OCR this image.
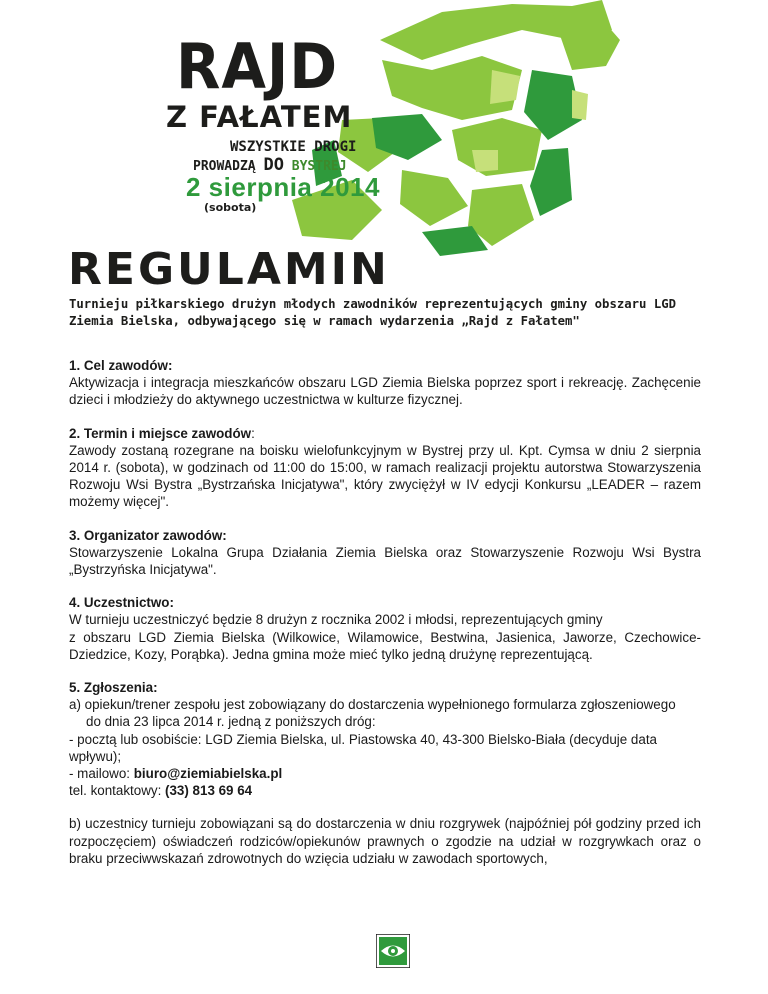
RAJD
Z FAŁATEM
WSZYSTKIE DROGI
PROWADZĄ DO BYSTREJ
2 sierpnia 2014
(sobota)
REGULAMIN
Turnieju piłkarskiego drużyn młodych zawodników reprezentujących gminy obszaru LGD Ziemia Bielska, odbywającego się w ramach wydarzenia „Rajd z Fałatem"
1. Cel zawodów:
Aktywizacja i integracja mieszkańców obszaru LGD Ziemia Bielska poprzez sport i rekreację. Zachęcenie dzieci i młodzieży do aktywnego uczestnictwa w kulturze fizycznej.
2. Termin i miejsce zawodów:
Zawody zostaną rozegrane na boisku wielofunkcyjnym w Bystrej przy ul. Kpt. Cymsa w dniu 2 sierpnia 2014 r. (sobota), w godzinach od 11:00 do 15:00, w ramach realizacji projektu autorstwa Stowarzyszenia Rozwoju Wsi Bystra „Bystrzańska Inicjatywa", który zwyciężył w IV edycji Konkursu „LEADER – razem możemy więcej".
3. Organizator zawodów:
Stowarzyszenie Lokalna Grupa Działania Ziemia Bielska oraz Stowarzyszenie Rozwoju Wsi Bystra „Bystrzyńska Inicjatywa".
4. Uczestnictwo:
W turnieju uczestniczyć będzie 8 drużyn z rocznika 2002 i młodsi, reprezentujących gminy
z obszaru LGD Ziemia Bielska (Wilkowice, Wilamowice, Bestwina, Jasienica, Jaworze, Czechowice-Dziedzice, Kozy, Porąbka). Jedna gmina może mieć tylko jedną drużynę reprezentującą.
5. Zgłoszenia:
a) opiekun/trener zespołu jest zobowiązany do dostarczenia wypełnionego formularza zgłoszeniowego
do dnia 23 lipca 2014 r. jedną z poniższych dróg:
- pocztą lub osobiście: LGD Ziemia Bielska, ul. Piastowska 40, 43-300 Bielsko-Biała (decyduje data wpływu);
- mailowo: biuro@ziemiabielska.pl
tel. kontaktowy: (33) 813 69 64
b) uczestnicy turnieju zobowiązani są do dostarczenia w dniu rozgrywek (najpóźniej pół godziny przed ich rozpoczęciem) oświadczeń rodziców/opiekunów prawnych o zgodzie na udział w rozgrywkach oraz o braku przeciwwskazań zdrowotnych do wzięcia udziału w zawodach sportowych,
